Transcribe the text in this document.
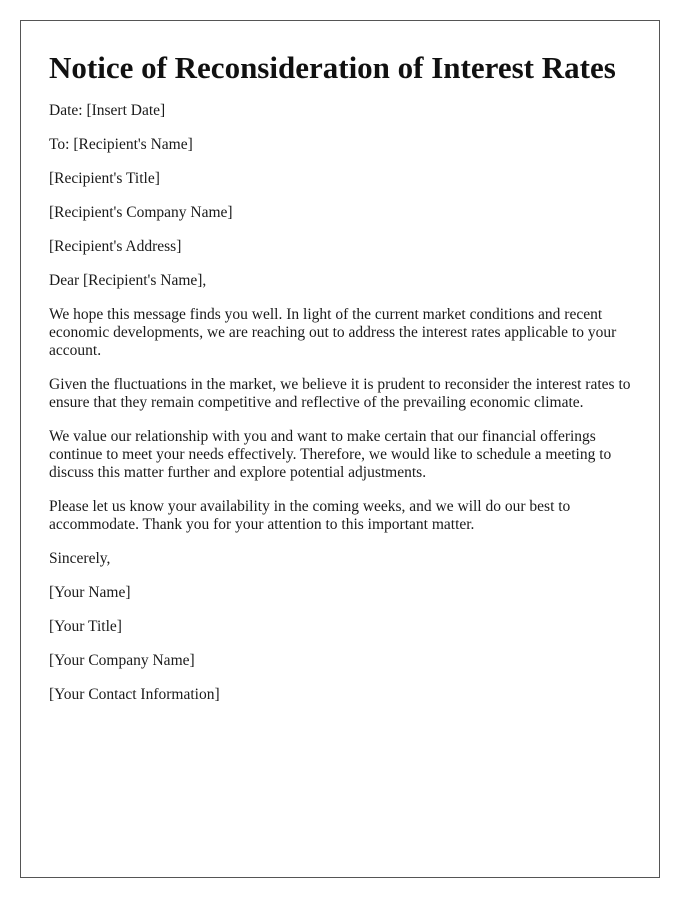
Notice of Reconsideration of Interest Rates

Date: [Insert Date]

To: [Recipient's Name]

[Recipient's Title]

[Recipient's Company Name]

[Recipient's Address]

Dear [Recipient's Name],

We hope this message finds you well. In light of the current market conditions and recent economic developments, we are reaching out to address the interest rates applicable to your account.

Given the fluctuations in the market, we believe it is prudent to reconsider the interest rates to ensure that they remain competitive and reflective of the prevailing economic climate.

We value our relationship with you and want to make certain that our financial offerings continue to meet your needs effectively. Therefore, we would like to schedule a meeting to discuss this matter further and explore potential adjustments.

Please let us know your availability in the coming weeks, and we will do our best to accommodate. Thank you for your attention to this important matter.

Sincerely,

[Your Name]

[Your Title]

[Your Company Name]

[Your Contact Information]
